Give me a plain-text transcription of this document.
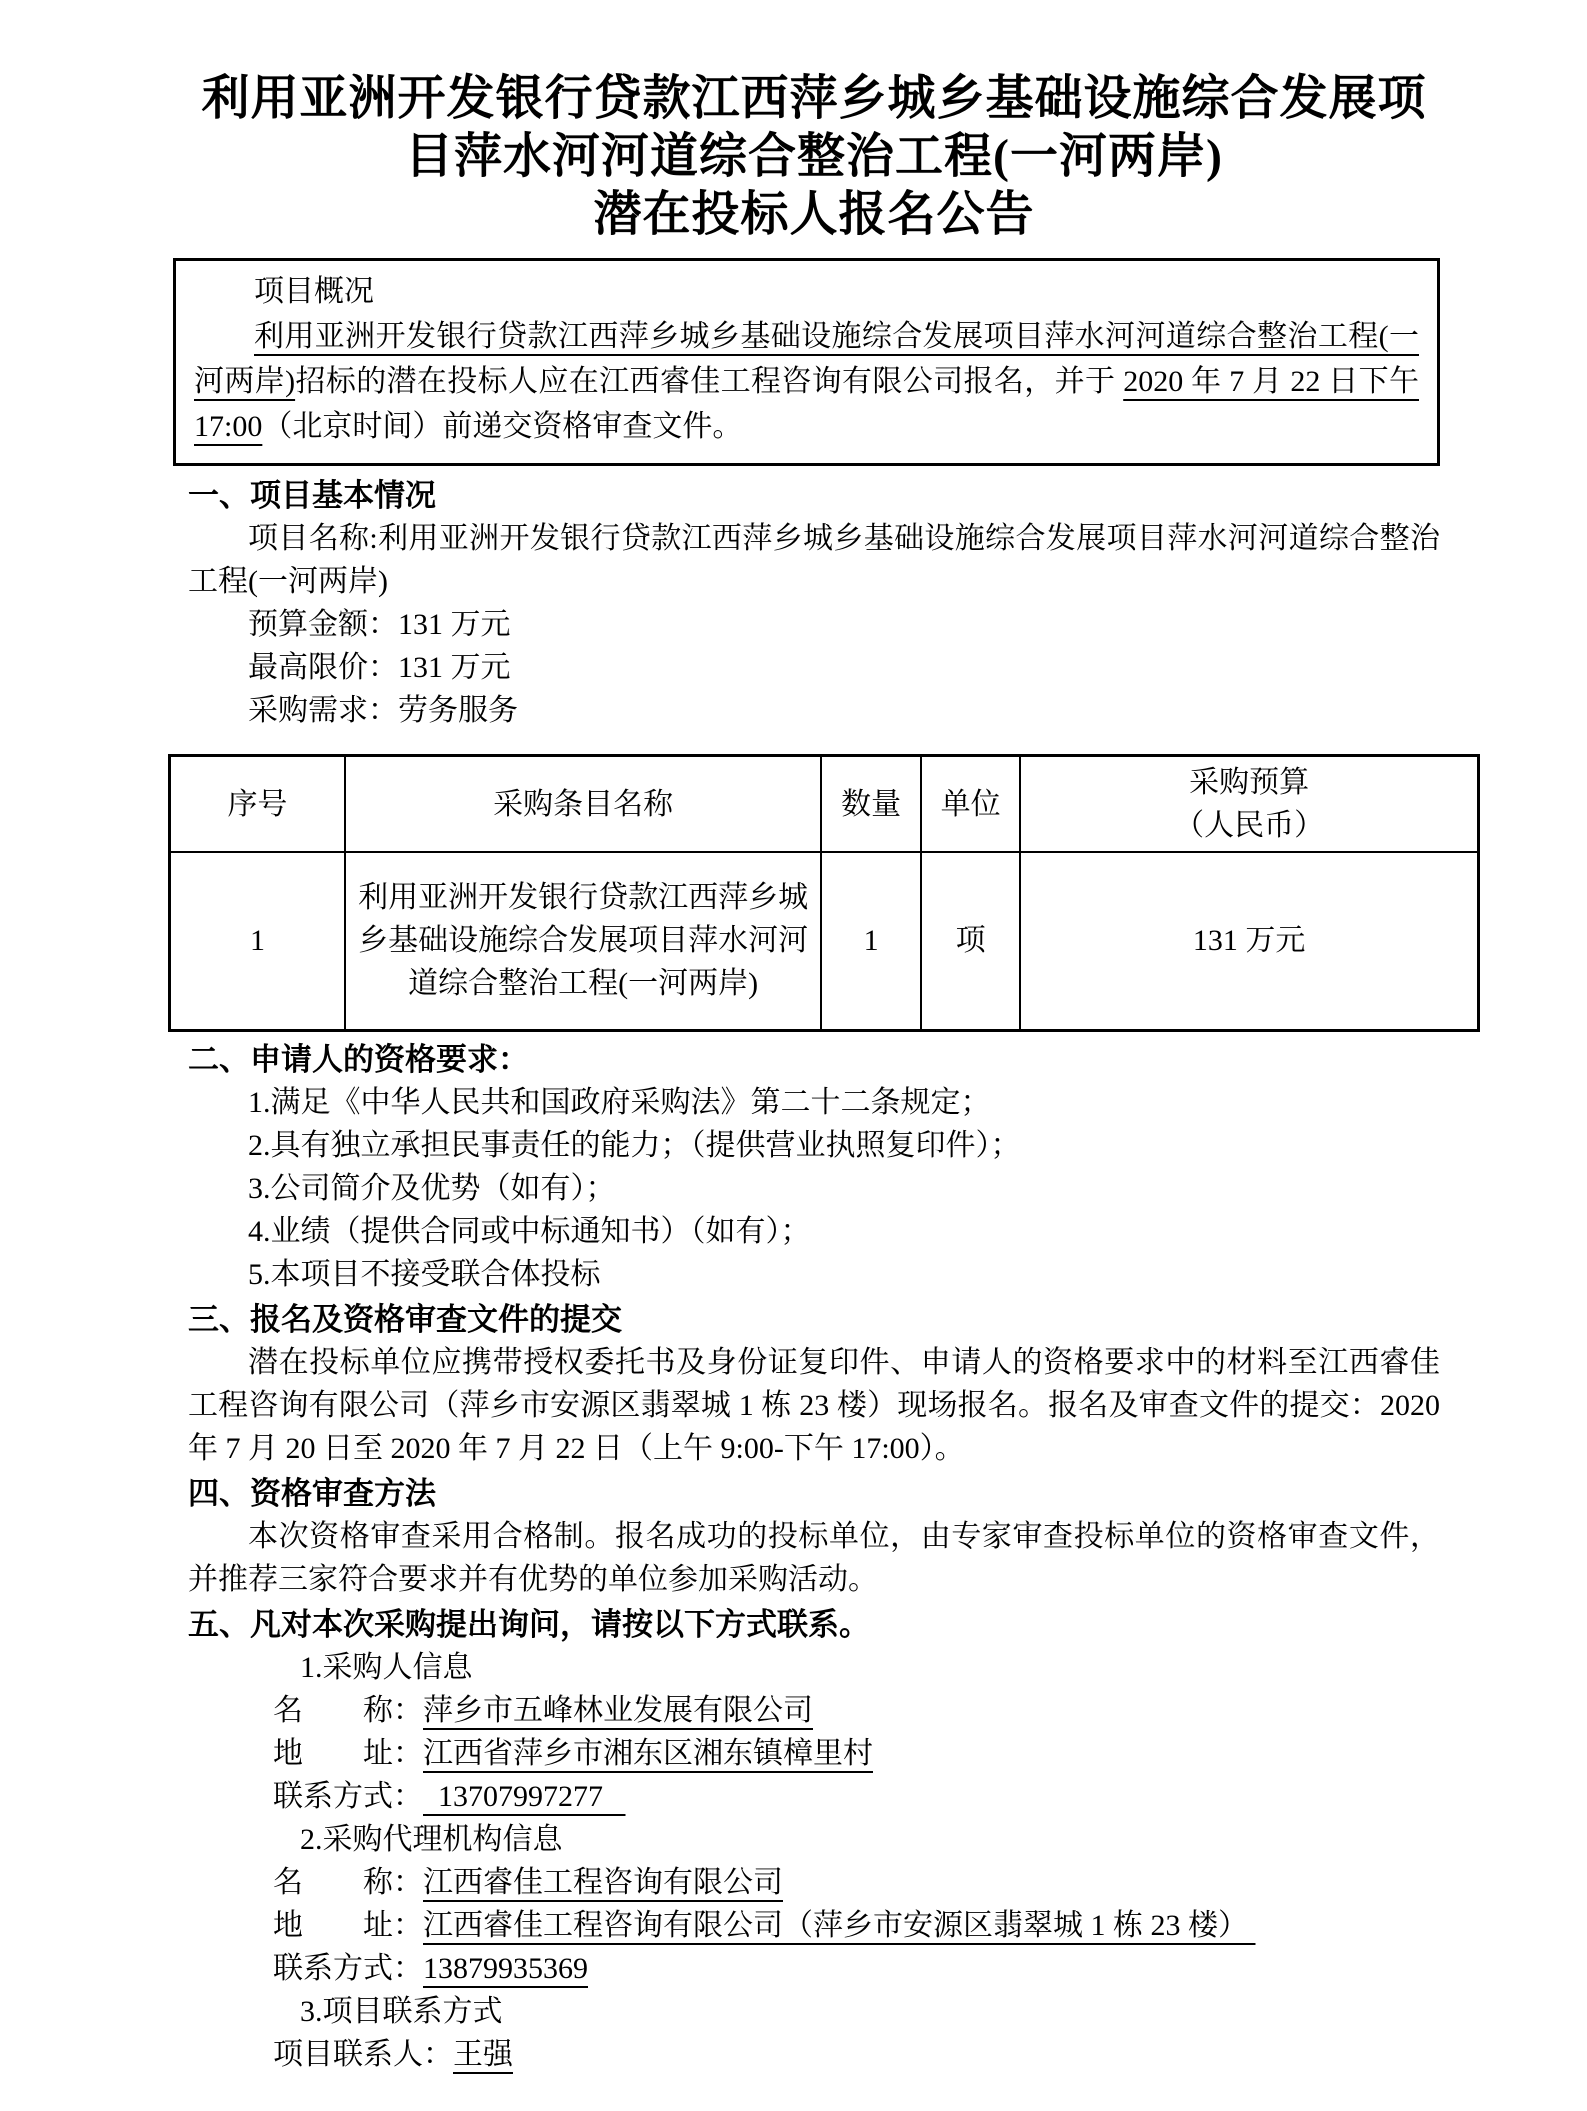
利用亚洲开发银行贷款江西萍乡城乡基础设施综合发展项
目萍水河河道综合整治工程(一河两岸)
潜在投标人报名公告

项目概况

利用亚洲开发银行贷款江西萍乡城乡基础设施综合发展项目萍水河河道综合整治工程(一河两岸)招标的潜在投标人应在江西睿佳工程咨询有限公司报名，并于 2020 年 7 月 22 日下午 17:00（北京时间）前递交资格审查文件。

一、项目基本情况

项目名称:利用亚洲开发银行贷款江西萍乡城乡基础设施综合发展项目萍水河河道综合整治工程(一河两岸)

预算金额：131 万元

最高限价：131 万元

采购需求：劳务服务

序号	采购条目名称	数量	单位	采购预算
（人民币）
1	利用亚洲开发银行贷款江西萍乡城乡基础设施综合发展项目萍水河河道综合整治工程(一河两岸)	1	项	131 万元
二、申请人的资格要求：

1.满足《中华人民共和国政府采购法》第二十二条规定；

2.具有独立承担民事责任的能力；（提供营业执照复印件）；

3.公司简介及优势（如有）；

4.业绩（提供合同或中标通知书）（如有）；

5.本项目不接受联合体投标

三、报名及资格审查文件的提交

潜在投标单位应携带授权委托书及身份证复印件、申请人的资格要求中的材料至江西睿佳工程咨询有限公司（萍乡市安源区翡翠城 1 栋 23 楼）现场报名。报名及审查文件的提交：2020 年 7 月 20 日至 2020 年 7 月 22 日（上午 9:00-下午 17:00）。

四、资格审查方法

本次资格审查采用合格制。报名成功的投标单位，由专家审查投标单位的资格审查文件，并推荐三家符合要求并有优势的单位参加采购活动。

五、凡对本次采购提出询问，请按以下方式联系。

1.采购人信息

名　　称：萍乡市五峰林业发展有限公司

地　　址：江西省萍乡市湘东区湘东镇樟里村

联系方式：  13707997277

2.采购代理机构信息

名　　称：江西睿佳工程咨询有限公司

地　　址：江西睿佳工程咨询有限公司（萍乡市安源区翡翠城 1 栋 23 楼）

联系方式：13879935369

3.项目联系方式

项目联系人：王强
